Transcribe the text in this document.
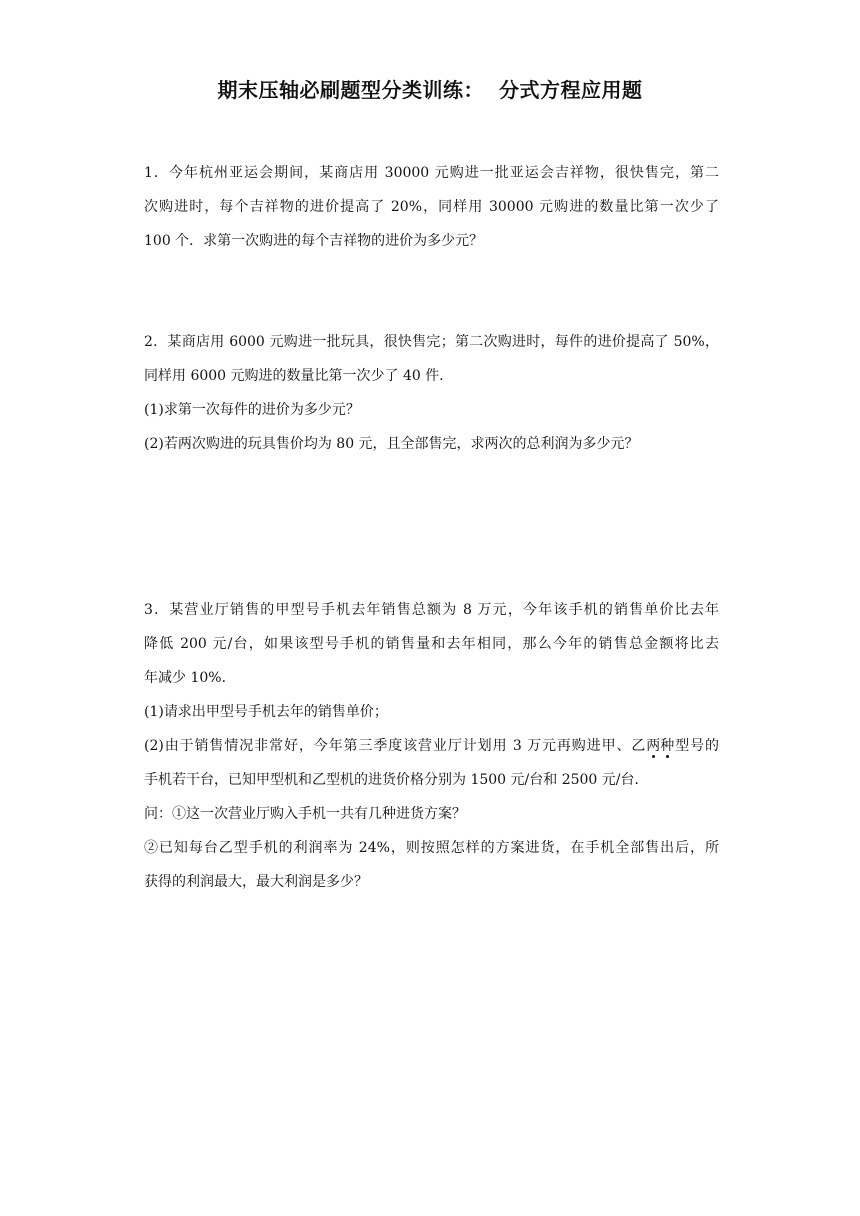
期末压轴必刷题型分类训练：  分式方程应用题
1．今年杭州亚运会期间，某商店用 30000 元购进一批亚运会吉祥物，很快售完，第二
次购进时，每个吉祥物的进价提高了 20%，同样用 30000 元购进的数量比第一次少了
100 个．求第一次购进的每个吉祥物的进价为多少元？
2．某商店用 6000 元购进一批玩具，很快售完；第二次购进时，每件的进价提高了 50%，
同样用 6000 元购进的数量比第一次少了 40 件．
(1)求第一次每件的进价为多少元？
(2)若两次购进的玩具售价均为 80 元，且全部售完，求两次的总利润为多少元？
3．某营业厅销售的甲型号手机去年销售总额为 8 万元，今年该手机的销售单价比去年
降低 200 元/台，如果该型号手机的销售量和去年相同，那么今年的销售总金额将比去
年减少 10%．
(1)请求出甲型号手机去年的销售单价；
(2)由于销售情况非常好，今年第三季度该营业厅计划用 3 万元再购进甲、乙两种型号的
手机若干台，已知甲型机和乙型机的进货价格分别为 1500 元/台和 2500 元/台．
问：①这一次营业厅购入手机一共有几种进货方案？
②已知每台乙型手机的利润率为 24%，则按照怎样的方案进货，在手机全部售出后，所
获得的利润最大，最大利润是多少？
